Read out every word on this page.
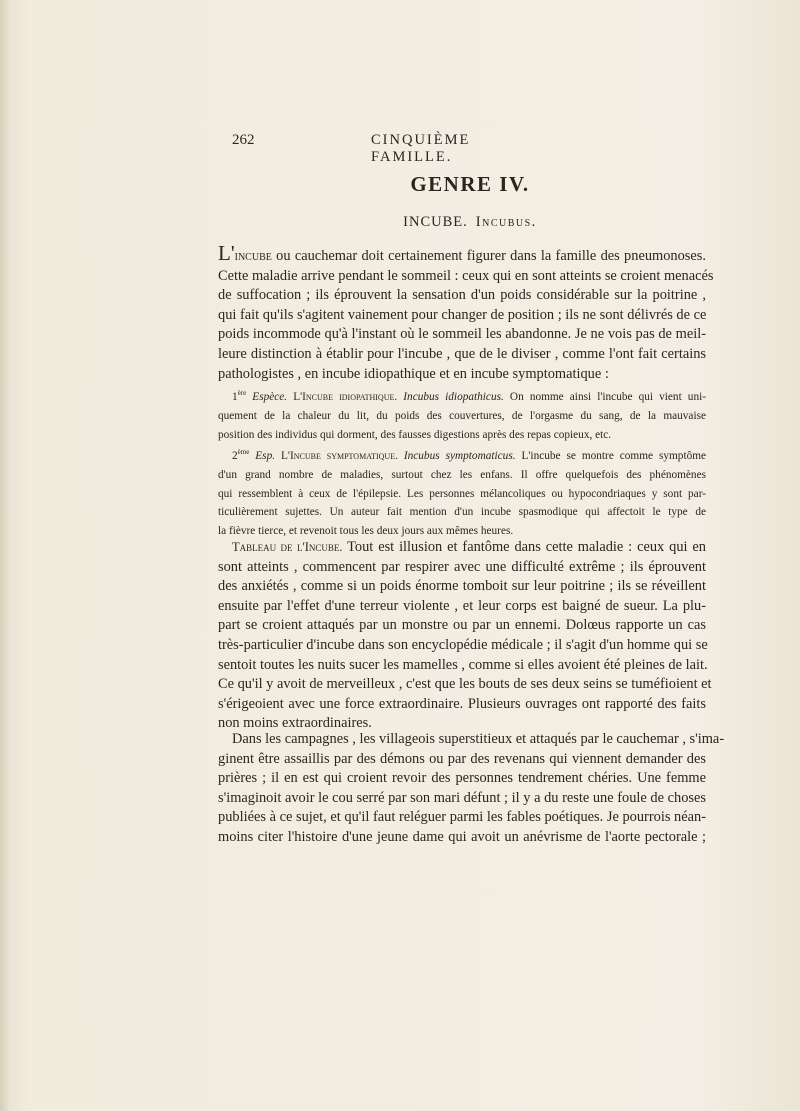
262	CINQUIÈME FAMILLE.
GENRE IV.
INCUBE. Incubus.
L'incube ou cauchemar doit certainement figurer dans la famille des pneumonoses.
Cette maladie arrive pendant le sommeil : ceux qui en sont atteints se croient menacés
de suffocation ; ils éprouvent la sensation d'un poids considérable sur la poitrine ,
qui fait qu'ils s'agitent vainement pour changer de position ; ils ne sont délivrés de ce
poids incommode qu'à l'instant où le sommeil les abandonne. Je ne vois pas de meil-
leure distinction à établir pour l'incube , que de le diviser , comme l'ont fait certains
pathologistes , en incube idiopathique et en incube symptomatique :
1ère Espèce. L'Incube idiopathique. Incubus idiopathicus. On nomme ainsi l'incube qui vient uni-
quement de la chaleur du lit, du poids des couvertures, de l'orgasme du sang, de la mauvaise
position des individus qui dorment, des fausses digestions après des repas copieux, etc.
2ème Esp. L'Incube symptomatique. Incubus symptomaticus. L'incube se montre comme symptôme
d'un grand nombre de maladies, surtout chez les enfans. Il offre quelquefois des phénomènes
qui ressemblent à ceux de l'épilepsie. Les personnes mélancoliques ou hypocondriaques y sont par-
ticulièrement sujettes. Un auteur fait mention d'un incube spasmodique qui affectoit le type de
la fièvre tierce, et revenoit tous les deux jours aux mêmes heures.
Tableau de l'Incube. Tout est illusion et fantôme dans cette maladie : ceux qui en
sont atteints , commencent par respirer avec une difficulté extrême ; ils éprouvent
des anxiétés , comme si un poids énorme tomboit sur leur poitrine ; ils se réveillent
ensuite par l'effet d'une terreur violente , et leur corps est baigné de sueur. La plu-
part se croient attaqués par un monstre ou par un ennemi. Dolœus rapporte un cas
très-particulier d'incube dans son encyclopédie médicale ; il s'agit d'un homme qui se
sentoit toutes les nuits sucer les mamelles , comme si elles avoient été pleines de lait.
Ce qu'il y avoit de merveilleux , c'est que les bouts de ses deux seins se tuméfioient et
s'érigeoient avec une force extraordinaire. Plusieurs ouvrages ont rapporté des faits
non moins extraordinaires.
Dans les campagnes , les villageois superstitieux et attaqués par le cauchemar , s'ima-
ginent être assaillis par des démons ou par des revenans qui viennent demander des
prières ; il en est qui croient revoir des personnes tendrement chéries. Une femme
s'imaginoit avoir le cou serré par son mari défunt ; il y a du reste une foule de choses
publiées à ce sujet, et qu'il faut reléguer parmi les fables poétiques. Je pourrois néan-
moins citer l'histoire d'une jeune dame qui avoit un anévrisme de l'aorte pectorale ;
